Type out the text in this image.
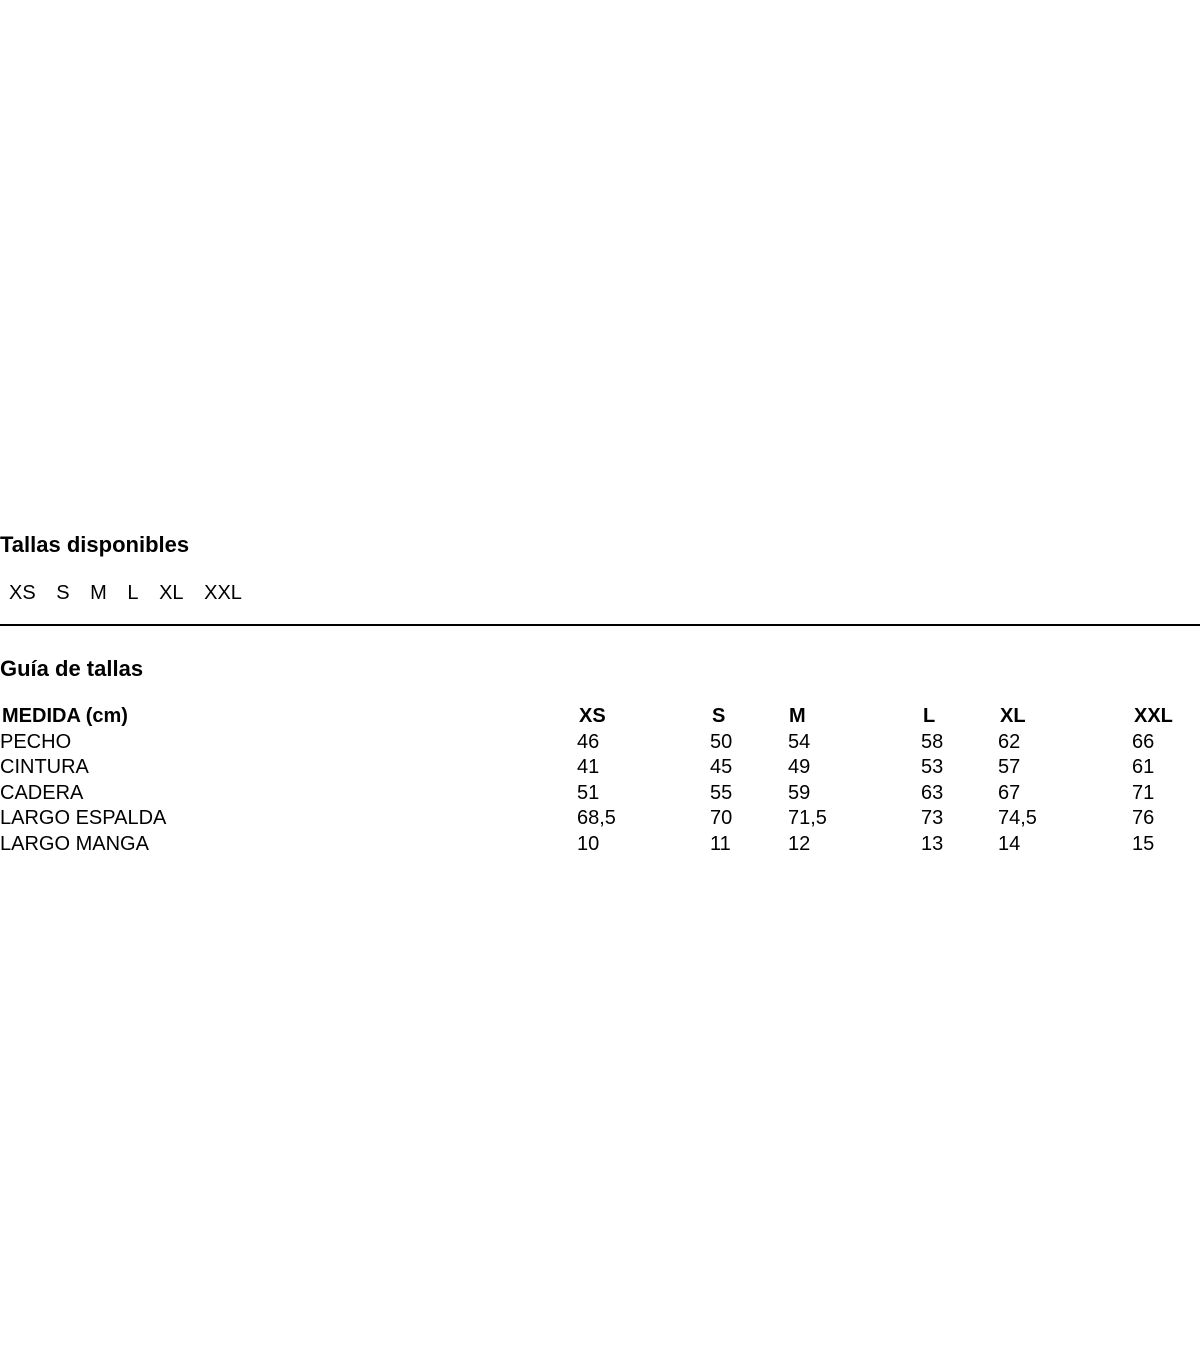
Tallas disponibles
XS S M L XL XXL
Guía de tallas
MEDIDA (cm)	XS	S	M	L	XL	XXL
PECHO	46	50	54	58	62	66
CINTURA	41	45	49	53	57	61
CADERA	51	55	59	63	67	71
LARGO ESPALDA	68,5	70	71,5	73	74,5	76
LARGO MANGA	10	11	12	13	14	15
